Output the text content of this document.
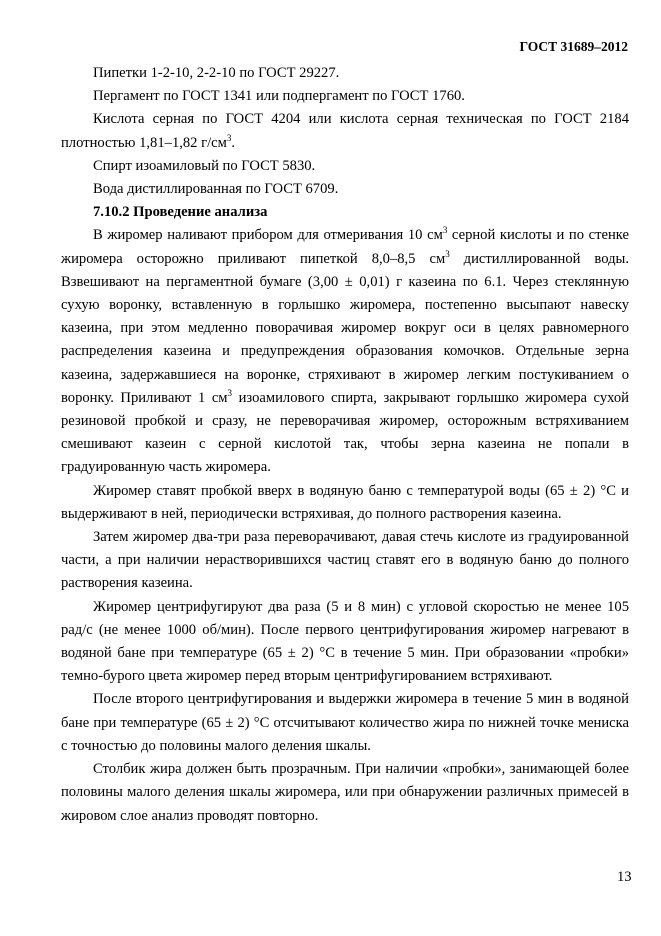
ГОСТ 31689–2012

Пипетки 1-2-10, 2-2-10 по ГОСТ 29227.

Пергамент по ГОСТ 1341 или подпергамент по ГОСТ 1760.

Кислота серная по ГОСТ 4204 или кислота серная техническая по ГОСТ 2184 плотностью 1,81–1,82 $г/см^3$.

Спирт изоамиловый по ГОСТ 5830.

Вода дистиллированная по ГОСТ 6709.

7.10.2 Проведение анализа

В жиромер наливают прибором для отмеривания 10 $см^3$ серной кислоты и по стенке жиромера осторожно приливают пипеткой 8,0–8,5 $см^3$ дистиллированной воды. Взвешивают на пергаментной бумаге (3,00 ± 0,01) г казеина по 6.1. Через стеклянную сухую воронку, вставленную в горлышко жиромера, постепенно высыпают навеску казеина, при этом медленно поворачивая жиромер вокруг оси в целях равномерного распределения казеина и предупреждения образования комочков. Отдельные зерна казеина, задержавшиеся на воронке, стряхивают в жиромер легким постукиванием о воронку. Приливают 1 $см^3$ изоамилового спирта, закрывают горлышко жиромера сухой резиновой пробкой и сразу, не переворачивая жиромер, осторожным встряхиванием смешивают казеин с серной кислотой так, чтобы зерна казеина не попали в градуированную часть жиромера.

Жиромер ставят пробкой вверх в водяную баню с температурой воды (65 ± 2) °С и выдерживают в ней, периодически встряхивая, до полного растворения казеина.

Затем жиромер два-три раза переворачивают, давая стечь кислоте из градуированной части, а при наличии нерастворившихся частиц ставят его в водяную баню до полного растворения казеина.

Жиромер центрифугируют два раза (5 и 8 мин) с угловой скоростью не менее 105 рад/с (не менее 1000 об/мин). После первого центрифугирования жиромер нагревают в водяной бане при температуре (65 ± 2) °С в течение 5 мин. При образовании «пробки» темно-бурого цвета жиромер перед вторым центрифугированием встряхивают.

После второго центрифугирования и выдержки жиромера в течение 5 мин в водяной бане при температуре (65 ± 2) °С отсчитывают количество жира по нижней точке мениска с точностью до половины малого деления шкалы.

Столбик жира должен быть прозрачным. При наличии «пробки», занимающей более половины малого деления шкалы жиромера, или при обнаружении различных примесей в жировом слое анализ проводят повторно.

13
